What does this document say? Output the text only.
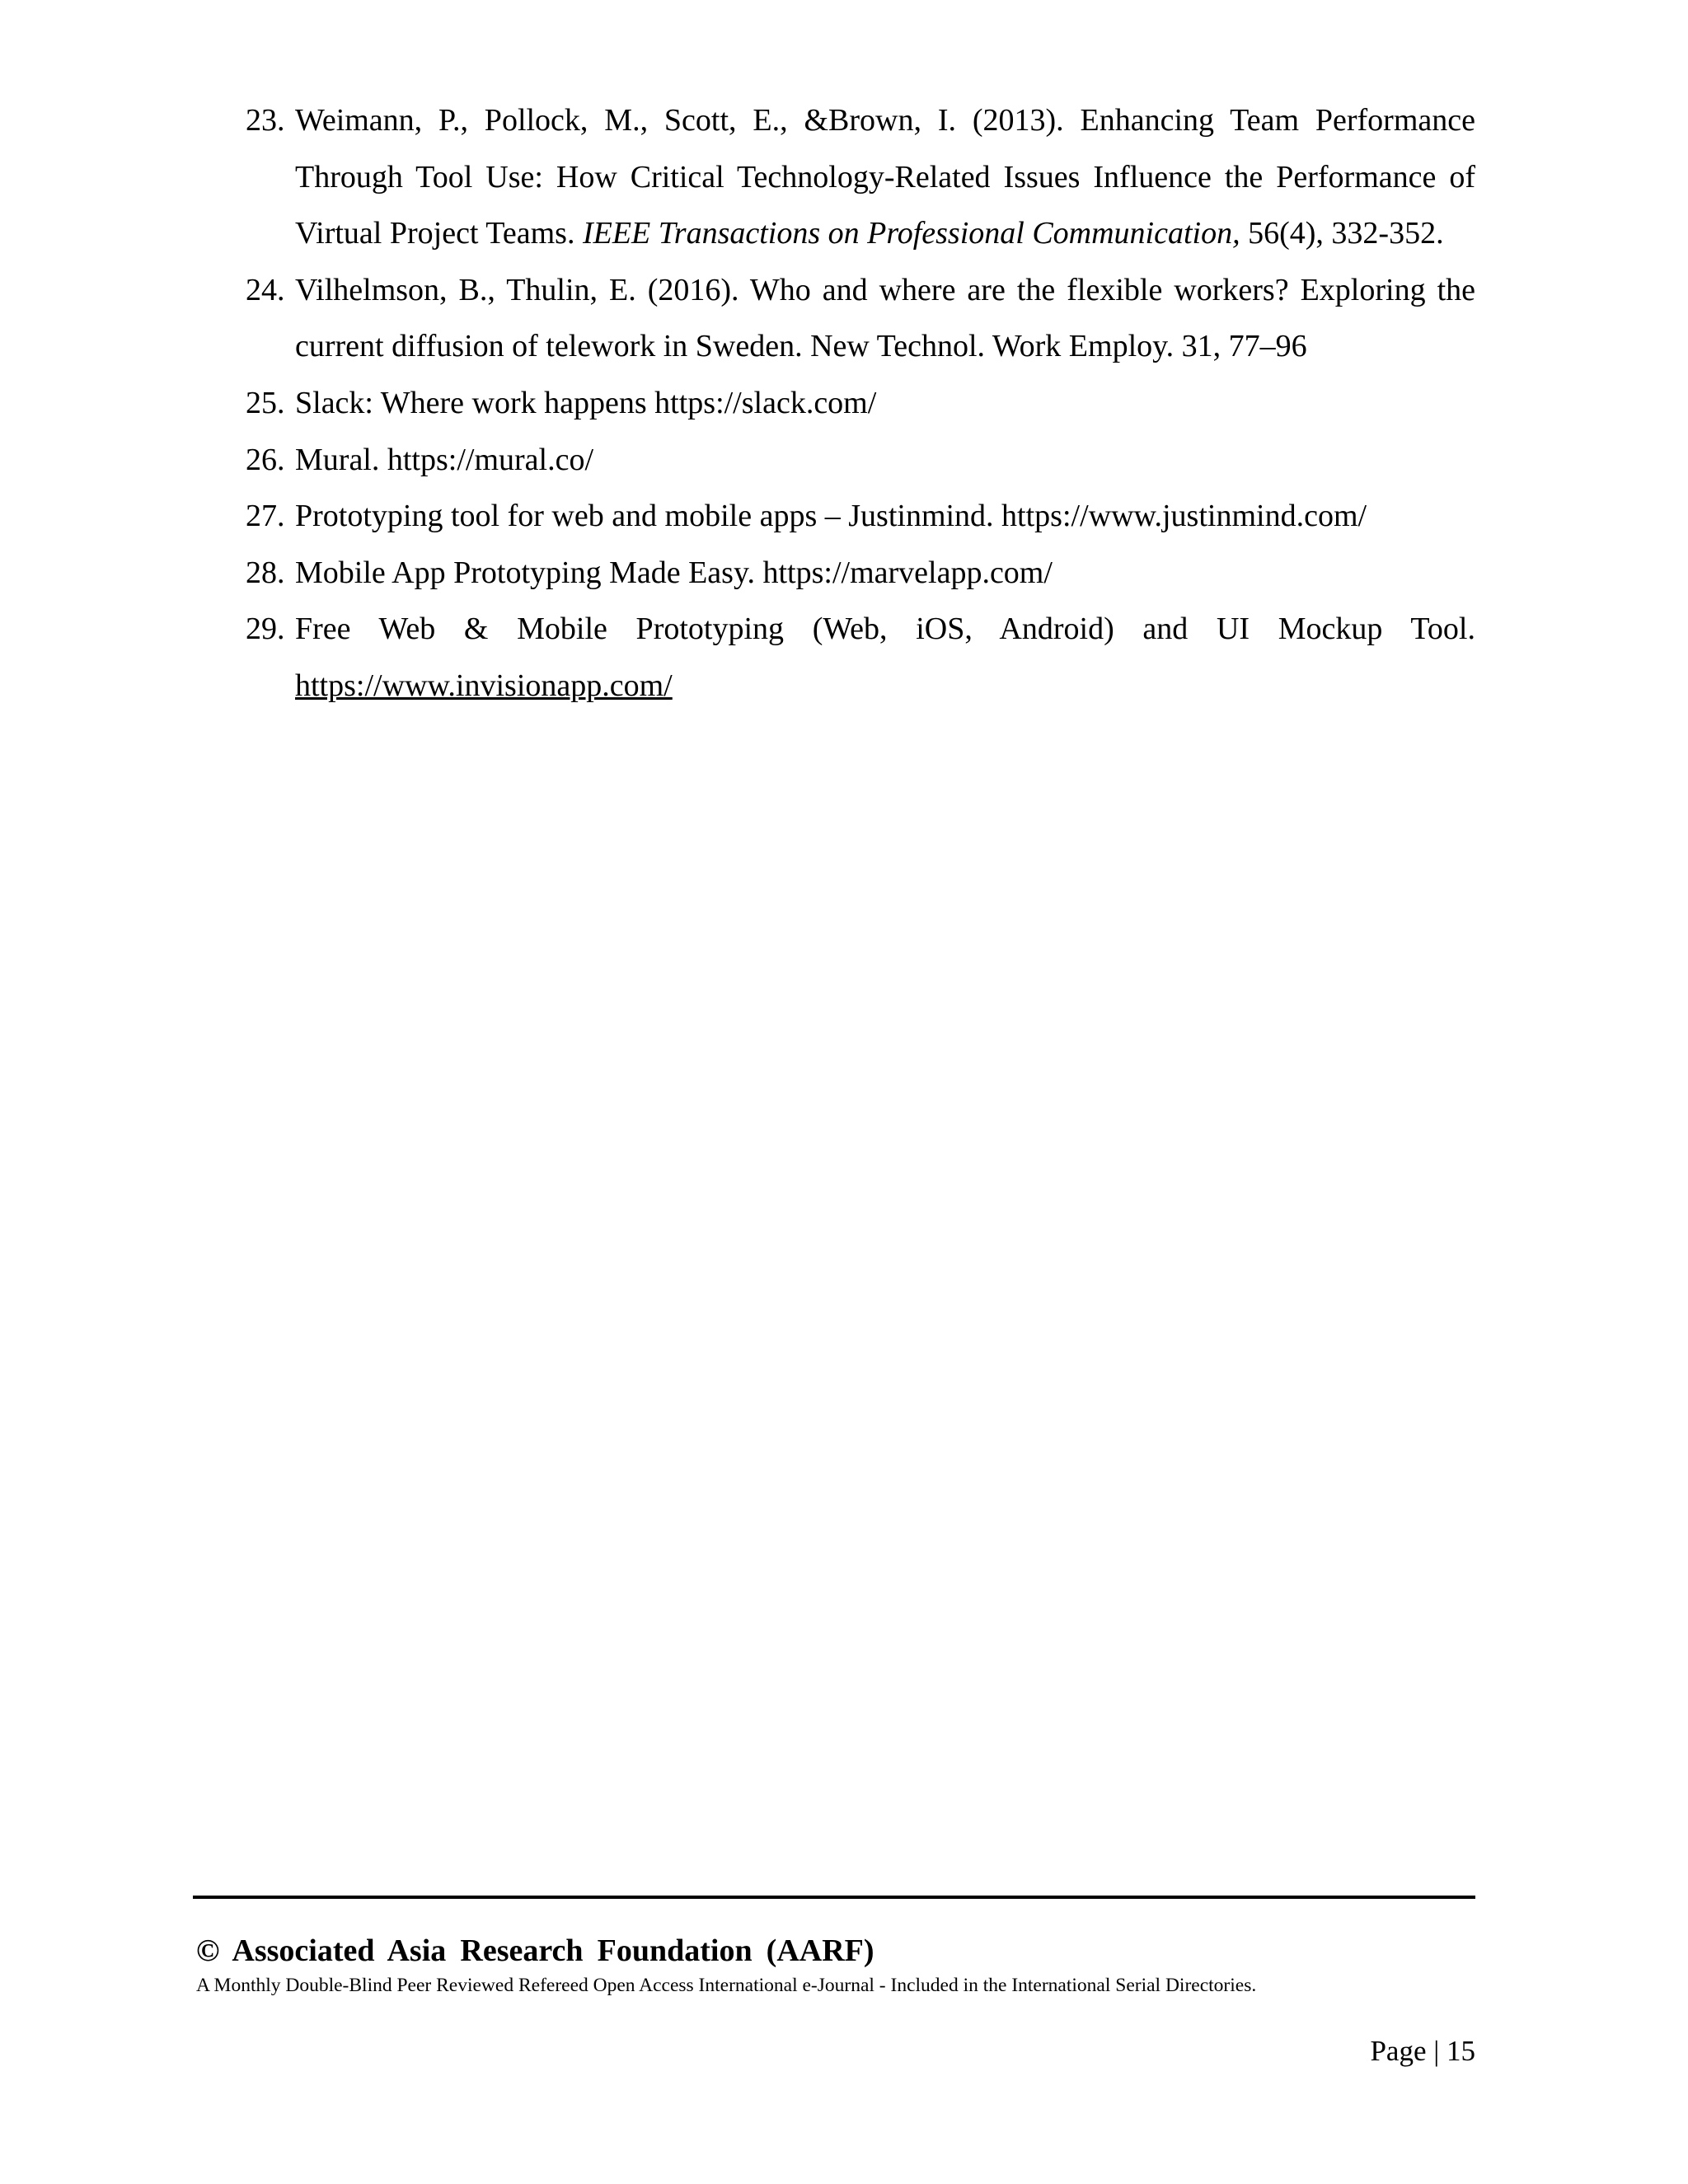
23. Weimann, P., Pollock, M., Scott, E., &Brown, I. (2013). Enhancing Team Performance Through Tool Use: How Critical Technology-Related Issues Influence the Performance of Virtual Project Teams. IEEE Transactions on Professional Communication, 56(4), 332-352.
24. Vilhelmson, B., Thulin, E. (2016). Who and where are the flexible workers? Exploring the current diffusion of telework in Sweden. New Technol. Work Employ. 31, 77–96
25. Slack: Where work happens https://slack.com/
26. Mural. https://mural.co/
27. Prototyping tool for web and mobile apps – Justinmind. https://www.justinmind.com/
28. Mobile App Prototyping Made Easy. https://marvelapp.com/
29. Free Web & Mobile Prototyping (Web, iOS, Android) and UI Mockup Tool. https://www.invisionapp.com/
© Associated Asia Research Foundation (AARF)
A Monthly Double-Blind Peer Reviewed Refereed Open Access International e-Journal - Included in the International Serial Directories.
Page | 15
